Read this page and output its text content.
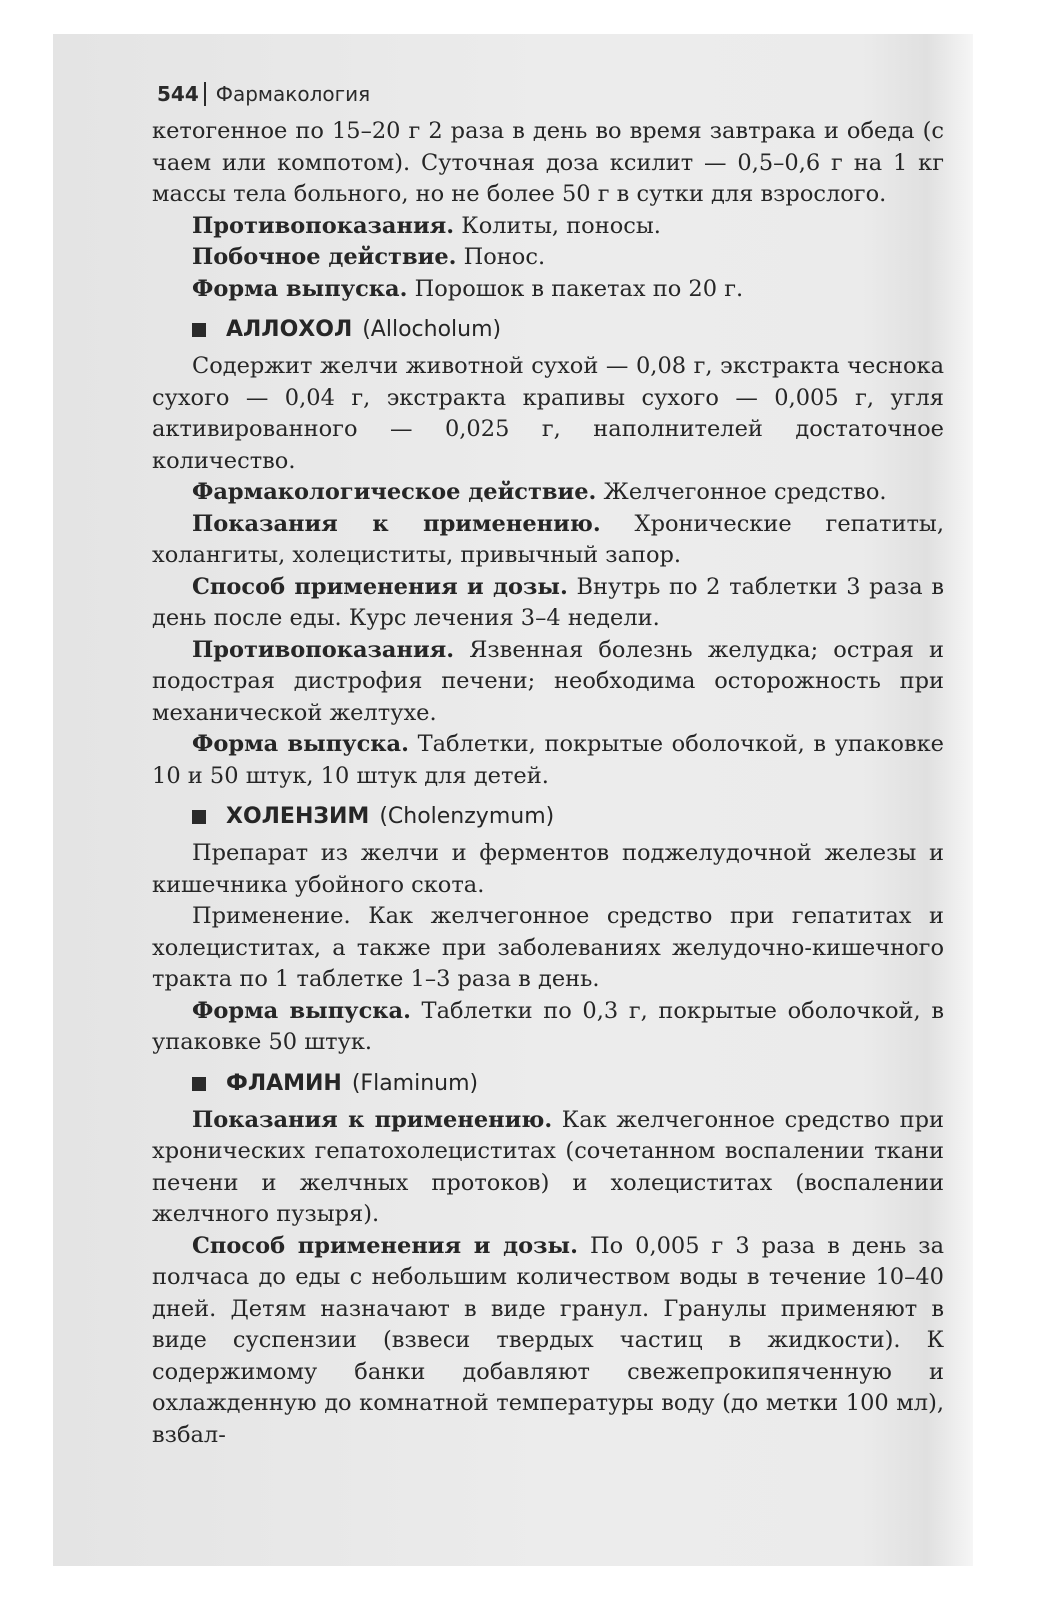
544 Фармакология

кетогенное по 15–20 г 2 раза в день во время завтрака и обеда (с чаем или компотом). Суточная доза ксилит — 0,5–0,6 г на 1 кг массы тела больного, но не более 50 г в сутки для взрослого.

Противопоказания. Колиты, поносы.

Побочное действие. Понос.

Форма выпуска. Порошок в пакетах по 20 г.

АЛЛОХОЛ (Allocholum)

Содержит желчи животной сухой — 0,08 г, экстракта чеснока сухого — 0,04 г, экстракта крапивы сухого — 0,005 г, угля активированного — 0,025 г, наполнителей достаточное количество.

Фармакологическое действие. Желчегонное средство.

Показания к применению. Хронические гепатиты, холангиты, холециститы, привычный запор.

Способ применения и дозы. Внутрь по 2 таблетки 3 раза в день после еды. Курс лечения 3–4 недели.

Противопоказания. Язвенная болезнь желудка; острая и подострая дистрофия печени; необходима осторожность при механической желтухе.

Форма выпуска. Таблетки, покрытые оболочкой, в упаковке 10 и 50 штук, 10 штук для детей.

ХОЛЕНЗИМ (Cholenzymum)

Препарат из желчи и ферментов поджелудочной железы и кишечника убойного скота.

Применение. Как желчегонное средство при гепатитах и холециститах, а также при заболеваниях желудочно-кишечного тракта по 1 таблетке 1–3 раза в день.

Форма выпуска. Таблетки по 0,3 г, покрытые оболочкой, в упаковке 50 штук.

ФЛАМИН (Flaminum)

Показания к применению. Как желчегонное средство при хронических гепатохолециститах (сочетанном воспалении ткани печени и желчных протоков) и холециститах (воспалении желчного пузыря).

Способ применения и дозы. По 0,005 г 3 раза в день за полчаса до еды с небольшим количеством воды в течение 10–40 дней. Детям назначают в виде гранул. Гранулы применяют в виде суспензии (взвеси твердых частиц в жидкости). К содержимому банки добавляют свежепрокипяченную и охлажденную до комнатной температуры воду (до метки 100 мл), взбал-
